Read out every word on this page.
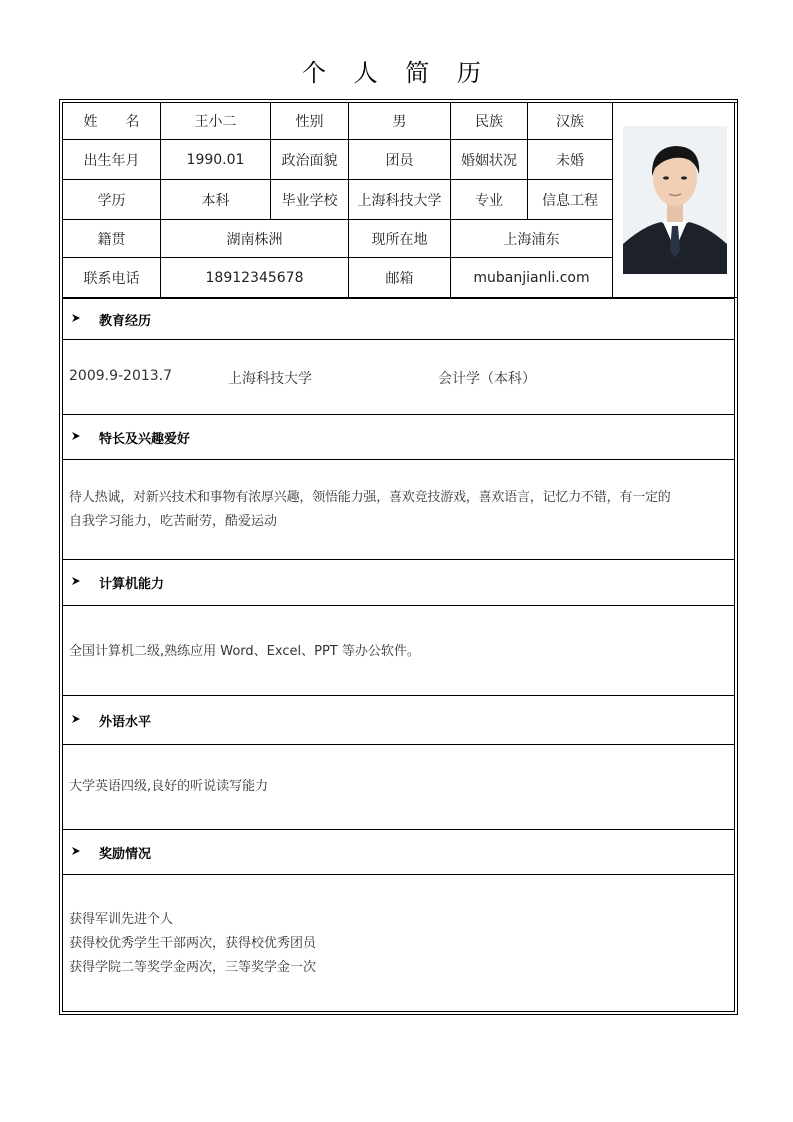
个 人 简 历
姓　　名	王小二	性别	男	民族	汉族	

出生年月	1990.01	政治面貌	团员	婚姻状况	未婚	
学历	本科	毕业学校	上海科技大学	专业	信息工程	
籍贯	湖南株洲		现所在地	上海浦东		
联系电话	18912345678		邮箱	mubanjianli.com		
教育经历
2009.9-2013.7	上海科技大学	会计学（本科）
特长及兴趣爱好
待人热诚，对新兴技术和事物有浓厚兴趣，领悟能力强，喜欢竞技游戏，喜欢语言，记忆力不错，有一定的
自我学习能力，吃苦耐劳，酷爱运动
计算机能力
全国计算机二级,熟练应用 Word、Excel、PPT 等办公软件。
外语水平
大学英语四级,良好的听说读写能力
奖励情况
获得军训先进个人
获得校优秀学生干部两次，获得校优秀团员
获得学院二等奖学金两次，三等奖学金一次
